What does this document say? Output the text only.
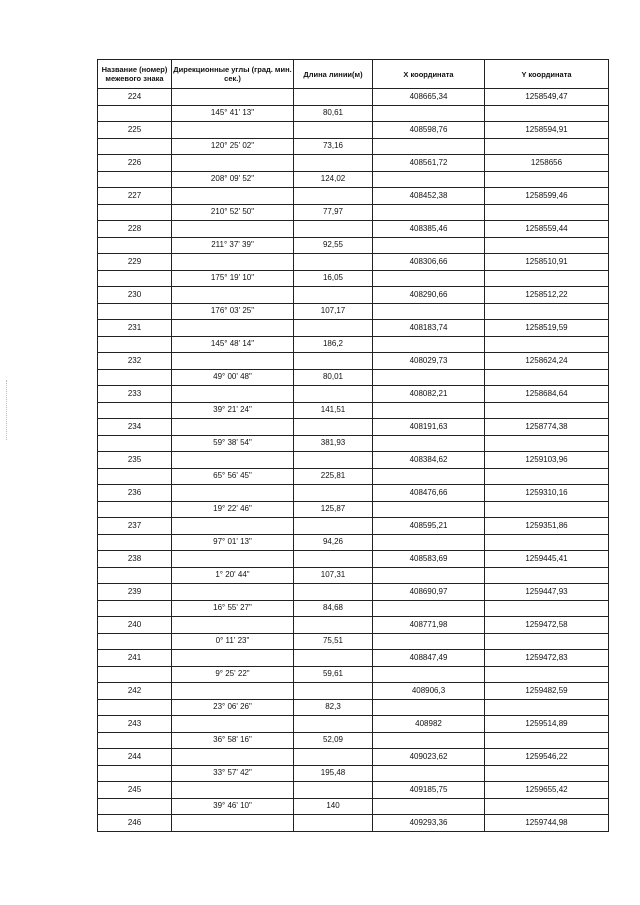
Название (номер) межевого знака	Дирекционные углы (град. мин. сек.)	Длина линии(м)	X координата	Y координата
224			408665,34	1258549,47
	145° 41' 13"	80,61		
225			408598,76	1258594,91
	120° 25' 02"	73,16		
226			408561,72	1258656
	208° 09' 52"	124,02		
227			408452,38	1258599,46
	210° 52' 50"	77,97		
228			408385,46	1258559,44
	211° 37' 39"	92,55		
229			408306,66	1258510,91
	175° 19' 10"	16,05		
230			408290,66	1258512,22
	176° 03' 25"	107,17		
231			408183,74	1258519,59
	145° 48' 14"	186,2		
232			408029,73	1258624,24
	49° 00' 48"	80,01		
233			408082,21	1258684,64
	39° 21' 24"	141,51		
234			408191,63	1258774,38
	59° 38' 54"	381,93		
235			408384,62	1259103,96
	65° 56' 45"	225,81		
236			408476,66	1259310,16
	19° 22' 46"	125,87		
237			408595,21	1259351,86
	97° 01' 13"	94,26		
238			408583,69	1259445,41
	1° 20' 44"	107,31		
239			408690,97	1259447,93
	16° 55' 27"	84,68		
240			408771,98	1259472,58
	0° 11' 23"	75,51		
241			408847,49	1259472,83
	9° 25' 22"	59,61		
242			408906,3	1259482,59
	23° 06' 26"	82,3		
243			408982	1259514,89
	36° 58' 16"	52,09		
244			409023,62	1259546,22
	33° 57' 42"	195,48		
245			409185,75	1259655,42
	39° 46' 10"	140		
246			409293,36	1259744,98
